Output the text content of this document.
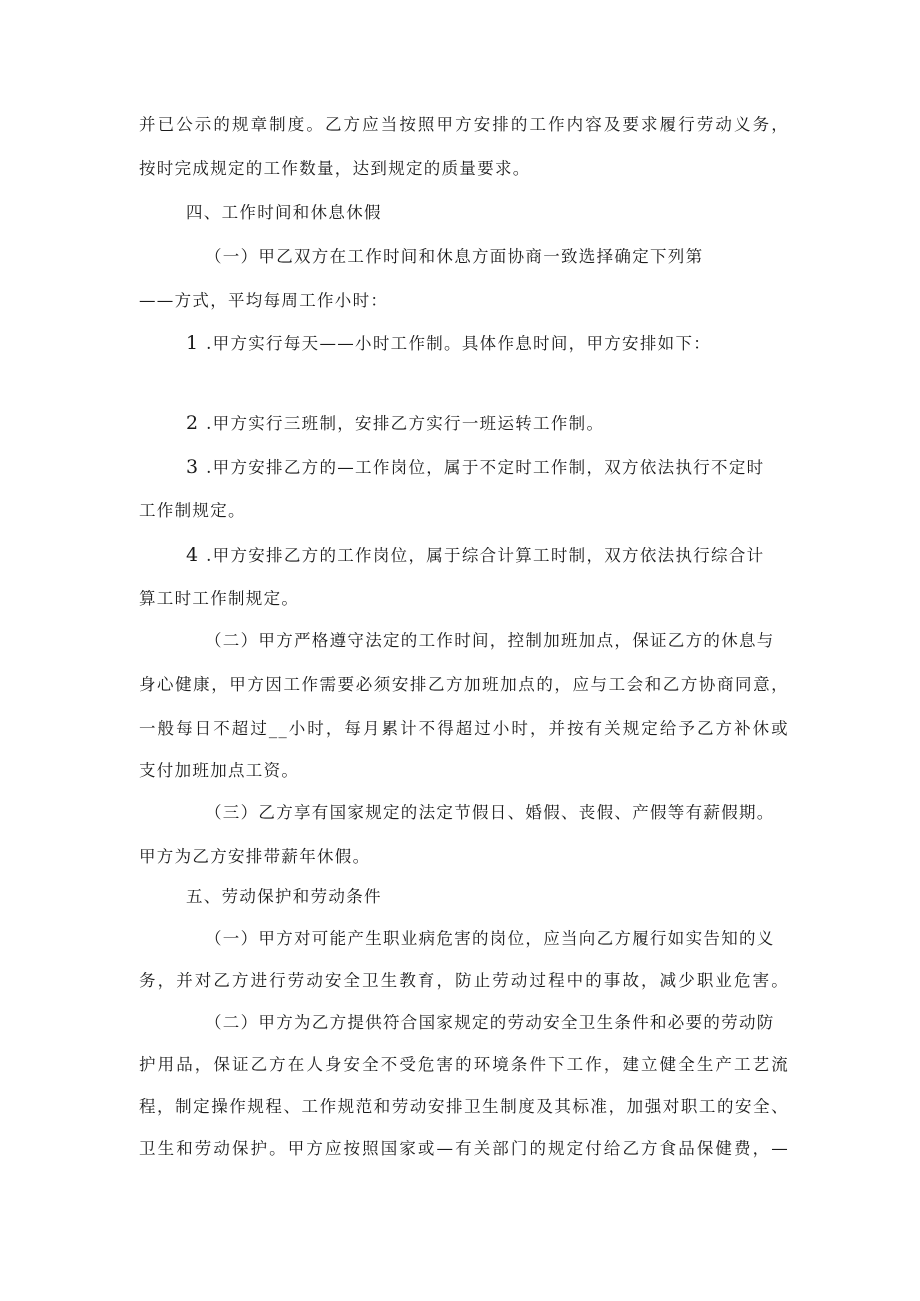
并已公示的规章制度。乙方应当按照甲方安排的工作内容及要求履行劳动义务，
按时完成规定的工作数量，达到规定的质量要求。
四、工作时间和休息休假
（一）甲乙双方在工作时间和休息方面协商一致选择确定下列第
——方式，平均每周工作小时：
1 .甲方实行每天——小时工作制。具体作息时间，甲方安排如下：
2 .甲方实行三班制，安排乙方实行一班运转工作制。
3 .甲方安排乙方的—工作岗位，属于不定时工作制，双方依法执行不定时
工作制规定。
4 .甲方安排乙方的工作岗位，属于综合计算工时制，双方依法执行综合计
算工时工作制规定。
（二）甲方严格遵守法定的工作时间，控制加班加点，保证乙方的休息与
身心健康，甲方因工作需要必须安排乙方加班加点的，应与工会和乙方协商同意，
一般每日不超过__小时，每月累计不得超过小时，并按有关规定给予乙方补休或
支付加班加点工资。
（三）乙方享有国家规定的法定节假日、婚假、丧假、产假等有薪假期。
甲方为乙方安排带薪年休假。
五、劳动保护和劳动条件
（一）甲方对可能产生职业病危害的岗位，应当向乙方履行如实告知的义
务，并对乙方进行劳动安全卫生教育，防止劳动过程中的事故，减少职业危害。
（二）甲方为乙方提供符合国家规定的劳动安全卫生条件和必要的劳动防
护用品，保证乙方在人身安全不受危害的环境条件下工作，建立健全生产工艺流
程，制定操作规程、工作规范和劳动安排卫生制度及其标准，加强对职工的安全、
卫生和劳动保护。甲方应按照国家或—有关部门的规定付给乙方食品保健费，—
